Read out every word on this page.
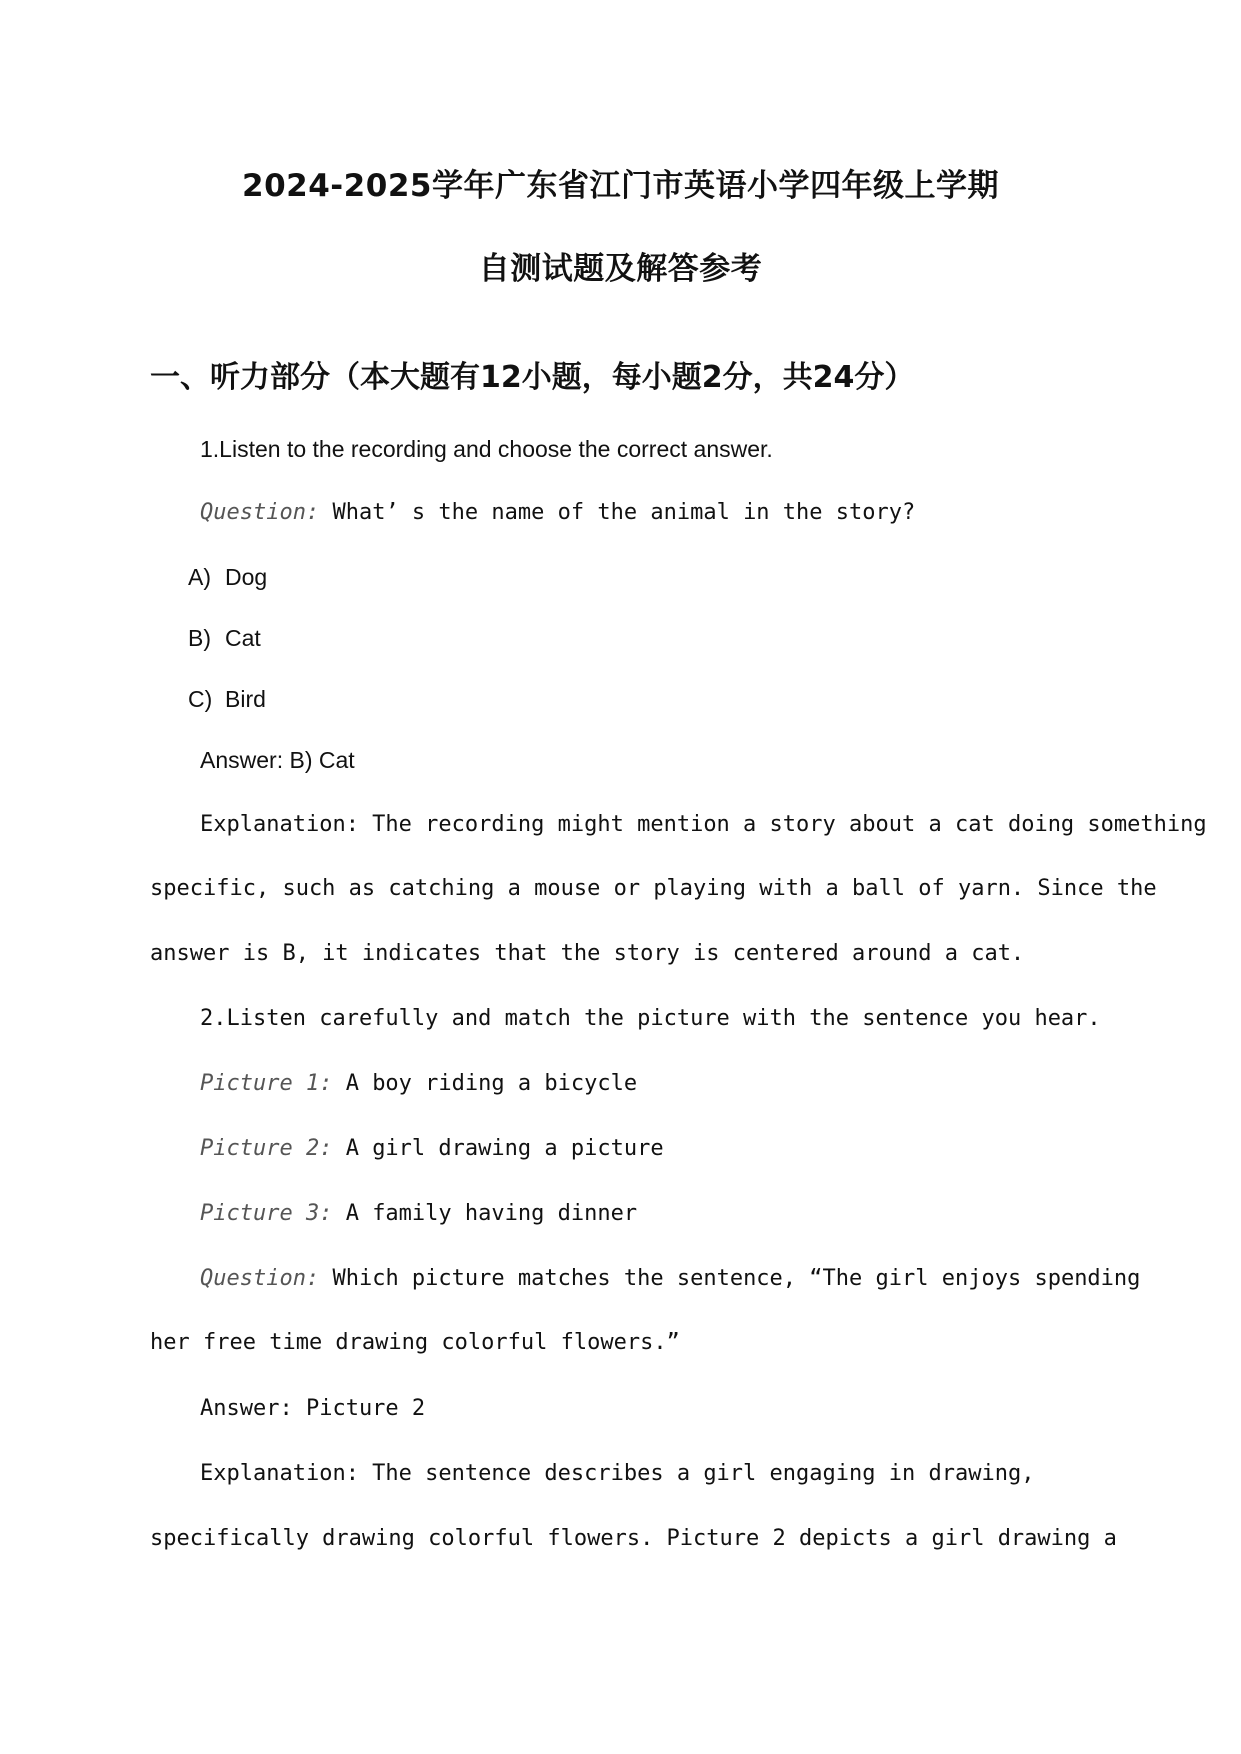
2024-2025学年广东省江门市英语小学四年级上学期
自测试题及解答参考
一、听力部分（本大题有12小题，每小题2分，共24分）
1.Listen to the recording and choose the correct answer.
Question: What’ s the name of the animal in the story?
A) Dog
B) Cat
C) Bird
Answer: B) Cat
Explanation: The recording might mention a story about a cat doing something
specific, such as catching a mouse or playing with a ball of yarn. Since the
answer is B, it indicates that the story is centered around a cat.
2.Listen carefully and match the picture with the sentence you hear.
Picture 1: A boy riding a bicycle
Picture 2: A girl drawing a picture
Picture 3: A family having dinner
Question: Which picture matches the sentence, “The girl enjoys spending
her free time drawing colorful flowers.”
Answer: Picture 2
Explanation: The sentence describes a girl engaging in drawing,
specifically drawing colorful flowers. Picture 2 depicts a girl drawing a
